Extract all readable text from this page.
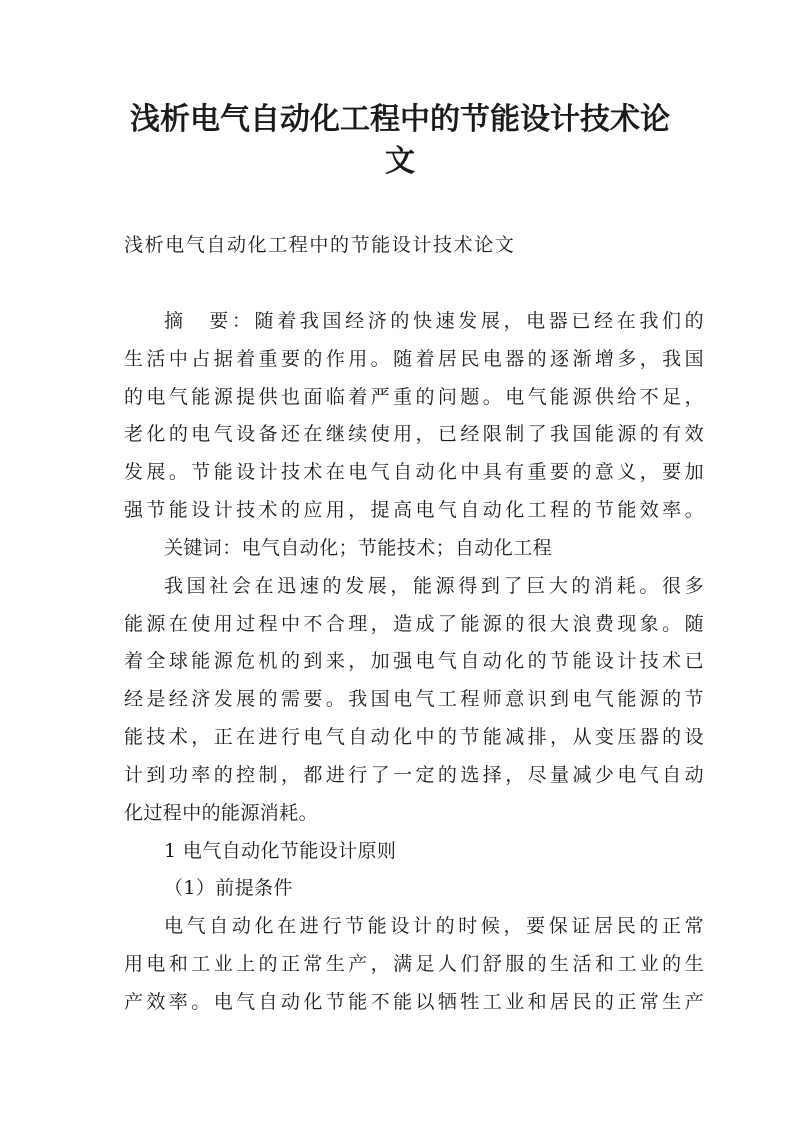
浅析电气自动化工程中的节能设计技术论
文

浅析电气自动化工程中的节能设计技术论文

摘　要：随着我国经济的快速发展，电器已经在我们的

生活中占据着重要的作用。随着居民电器的逐渐增多，我国

的电气能源提供也面临着严重的问题。电气能源供给不足，

老化的电气设备还在继续使用，已经限制了我国能源的有效

发展。节能设计技术在电气自动化中具有重要的意义，要加

强节能设计技术的应用，提高电气自动化工程的节能效率。

关键词：电气自动化；节能技术；自动化工程

我国社会在迅速的发展，能源得到了巨大的消耗。很多

能源在使用过程中不合理，造成了能源的很大浪费现象。随

着全球能源危机的到来，加强电气自动化的节能设计技术已

经是经济发展的需要。我国电气工程师意识到电气能源的节

能技术，正在进行电气自动化中的节能减排，从变压器的设

计到功率的控制，都进行了一定的选择，尽量减少电气自动

化过程中的能源消耗。

1 电气自动化节能设计原则

（1）前提条件

电气自动化在进行节能设计的时候，要保证居民的正常

用电和工业上的正常生产，满足人们舒服的生活和工业的生

产效率。电气自动化节能不能以牺牲工业和居民的正常生产
